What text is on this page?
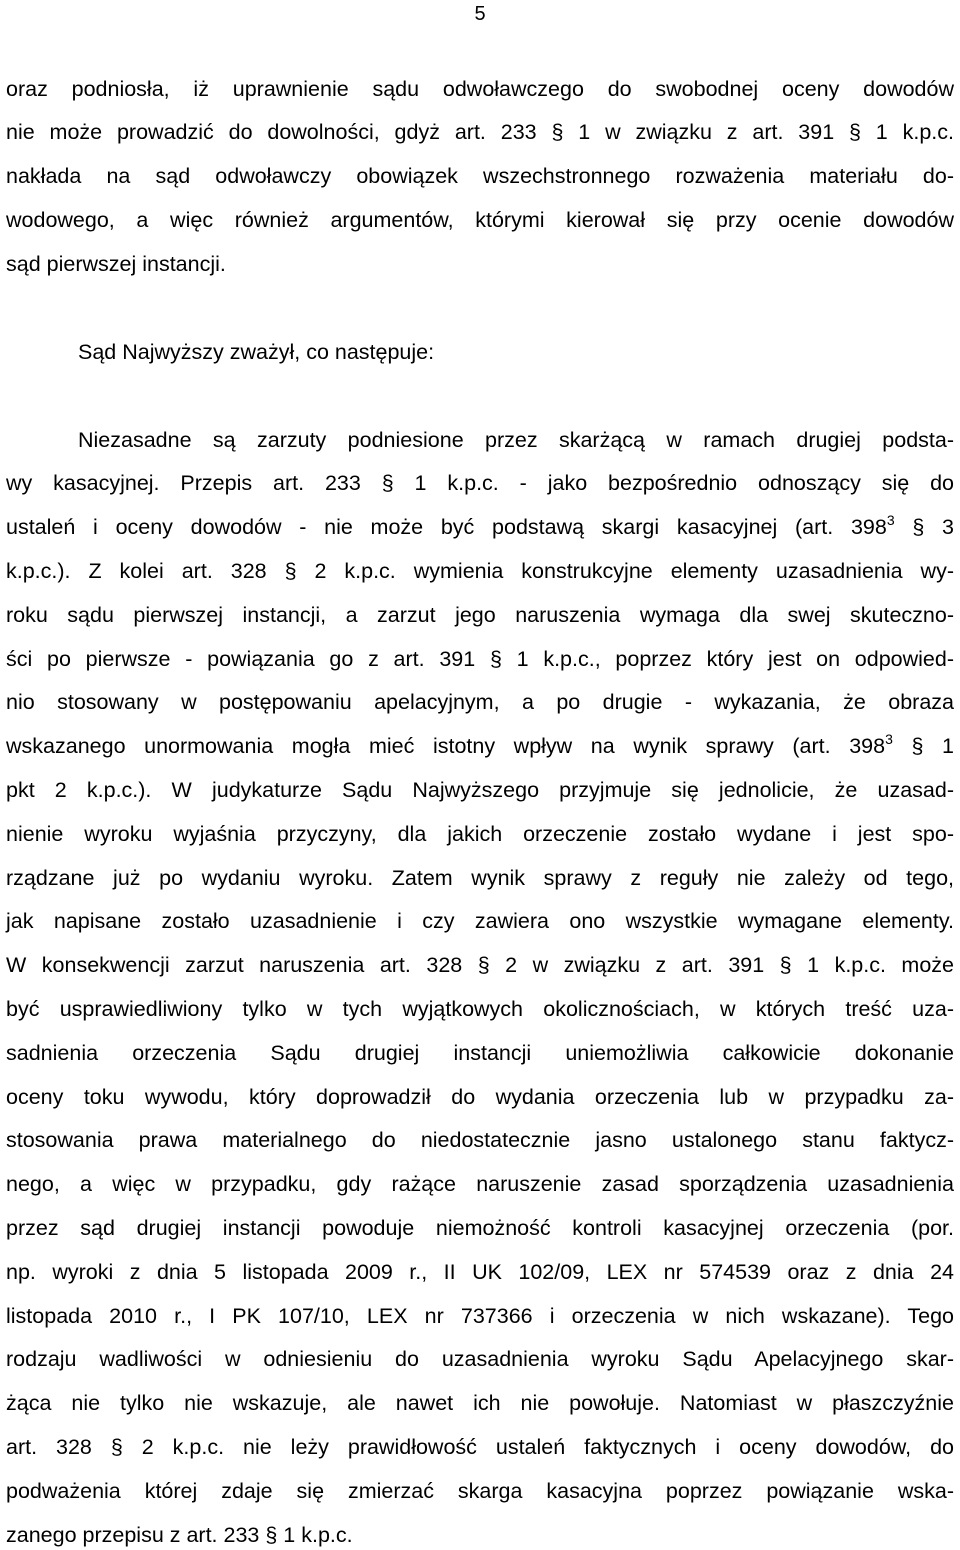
5
oraz podniosła, iż uprawnienie sądu odwoławczego do swobodnej oceny dowodów
nie może prowadzić do dowolności, gdyż art. 233 § 1 w związku z art. 391 § 1 k.p.c.
nakłada na sąd odwoławczy obowiązek wszechstronnego rozważenia materiału do-
wodowego, a więc również argumentów, którymi kierował się przy ocenie dowodów
sąd pierwszej instancji.
Sąd Najwyższy zważył, co następuje:
Niezasadne są zarzuty podniesione przez skarżącą w ramach drugiej podsta-
wy kasacyjnej. Przepis art. 233 § 1 k.p.c. - jako bezpośrednio odnoszący się do
ustaleń i oceny dowodów - nie może być podstawą skargi kasacyjnej (art. $398^3$ § 3
k.p.c.). Z kolei art. 328 § 2 k.p.c. wymienia konstrukcyjne elementy uzasadnienia wy-
roku sądu pierwszej instancji, a zarzut jego naruszenia wymaga dla swej skuteczno-
ści po pierwsze - powiązania go z art. 391 § 1 k.p.c., poprzez który jest on odpowied-
nio stosowany w postępowaniu apelacyjnym, a po drugie - wykazania, że obraza
wskazanego unormowania mogła mieć istotny wpływ na wynik sprawy (art. $398^3$ § 1
pkt 2 k.p.c.). W judykaturze Sądu Najwyższego przyjmuje się jednolicie, że uzasad-
nienie wyroku wyjaśnia przyczyny, dla jakich orzeczenie zostało wydane i jest spo-
rządzane już po wydaniu wyroku. Zatem wynik sprawy z reguły nie zależy od tego,
jak napisane zostało uzasadnienie i czy zawiera ono wszystkie wymagane elementy.
W konsekwencji zarzut naruszenia art. 328 § 2 w związku z art. 391 § 1 k.p.c. może
być usprawiedliwiony tylko w tych wyjątkowych okolicznościach, w których treść uza-
sadnienia orzeczenia Sądu drugiej instancji uniemożliwia całkowicie dokonanie
oceny toku wywodu, który doprowadził do wydania orzeczenia lub w przypadku za-
stosowania prawa materialnego do niedostatecznie jasno ustalonego stanu faktycz-
nego, a więc w przypadku, gdy rażące naruszenie zasad sporządzenia uzasadnienia
przez sąd drugiej instancji powoduje niemożność kontroli kasacyjnej orzeczenia (por.
np. wyroki z dnia 5 listopada 2009 r., II UK 102/09, LEX nr 574539 oraz z dnia 24
listopada 2010 r., I PK 107/10, LEX nr 737366 i orzeczenia w nich wskazane). Tego
rodzaju wadliwości w odniesieniu do uzasadnienia wyroku Sądu Apelacyjnego skar-
żąca nie tylko nie wskazuje, ale nawet ich nie powołuje. Natomiast w płaszczyźnie
art. 328 § 2 k.p.c. nie leży prawidłowość ustaleń faktycznych i oceny dowodów, do
podważenia której zdaje się zmierzać skarga kasacyjna poprzez powiązanie wska-
zanego przepisu z art. 233 § 1 k.p.c.
